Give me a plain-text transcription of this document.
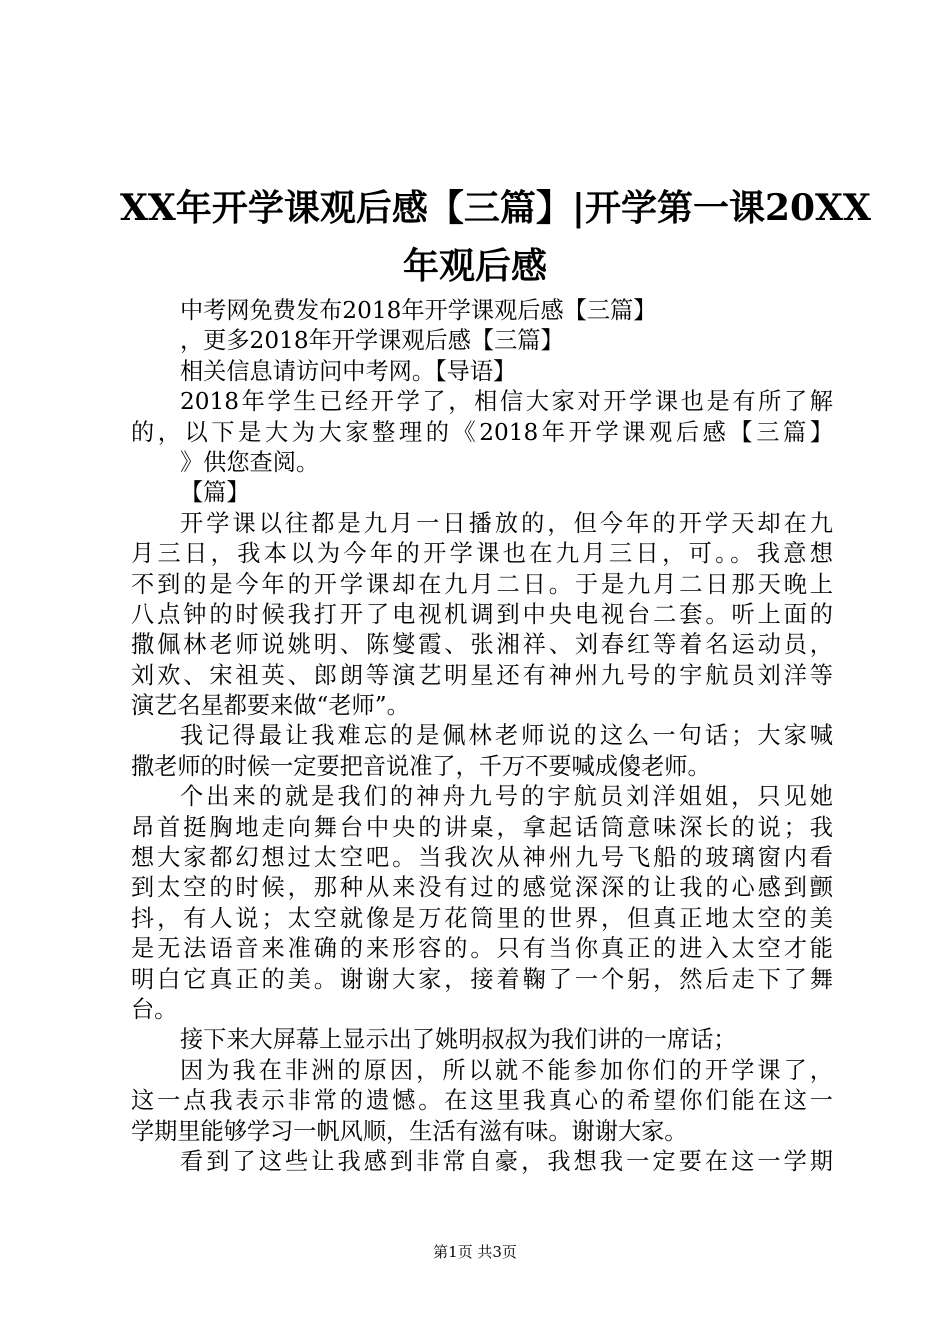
XX年开学课观后感【三篇】|开学第一课20XX
年观后感
中考网免费发布2018年开学课观后感【三篇】
，更多2018年开学课观后感【三篇】
相关信息请访问中考网。【导语】
2018年学生已经开学了，相信大家对开学课也是有所了解
的，以下是大为大家整理的《2018年开学课观后感【三篇】
》供您查阅。
【篇】
开学课以往都是九月一日播放的，但今年的开学天却在九
月三日，我本以为今年的开学课也在九月三日，可。。我意想
不到的是今年的开学课却在九月二日。于是九月二日那天晚上
八点钟的时候我打开了电视机调到中央电视台二套。听上面的
撒佩林老师说姚明、陈燮霞、张湘祥、刘春红等着名运动员，
刘欢、宋祖英、郎朗等演艺明星还有神州九号的宇航员刘洋等
演艺名星都要来做“老师”。
我记得最让我难忘的是佩林老师说的这么一句话；大家喊
撒老师的时候一定要把音说准了，千万不要喊成傻老师。
个出来的就是我们的神舟九号的宇航员刘洋姐姐，只见她
昂首挺胸地走向舞台中央的讲桌，拿起话筒意味深长的说；我
想大家都幻想过太空吧。当我次从神州九号飞船的玻璃窗内看
到太空的时候，那种从来没有过的感觉深深的让我的心感到颤
抖，有人说；太空就像是万花筒里的世界，但真正地太空的美
是无法语音来准确的来形容的。只有当你真正的进入太空才能
明白它真正的美。谢谢大家，接着鞠了一个躬，然后走下了舞
台。
接下来大屏幕上显示出了姚明叔叔为我们讲的一席话；
因为我在非洲的原因，所以就不能参加你们的开学课了，
这一点我表示非常的遗憾。在这里我真心的希望你们能在这一
学期里能够学习一帆风顺，生活有滋有味。谢谢大家。
看到了这些让我感到非常自豪，我想我一定要在这一学期
第1页 共3页
